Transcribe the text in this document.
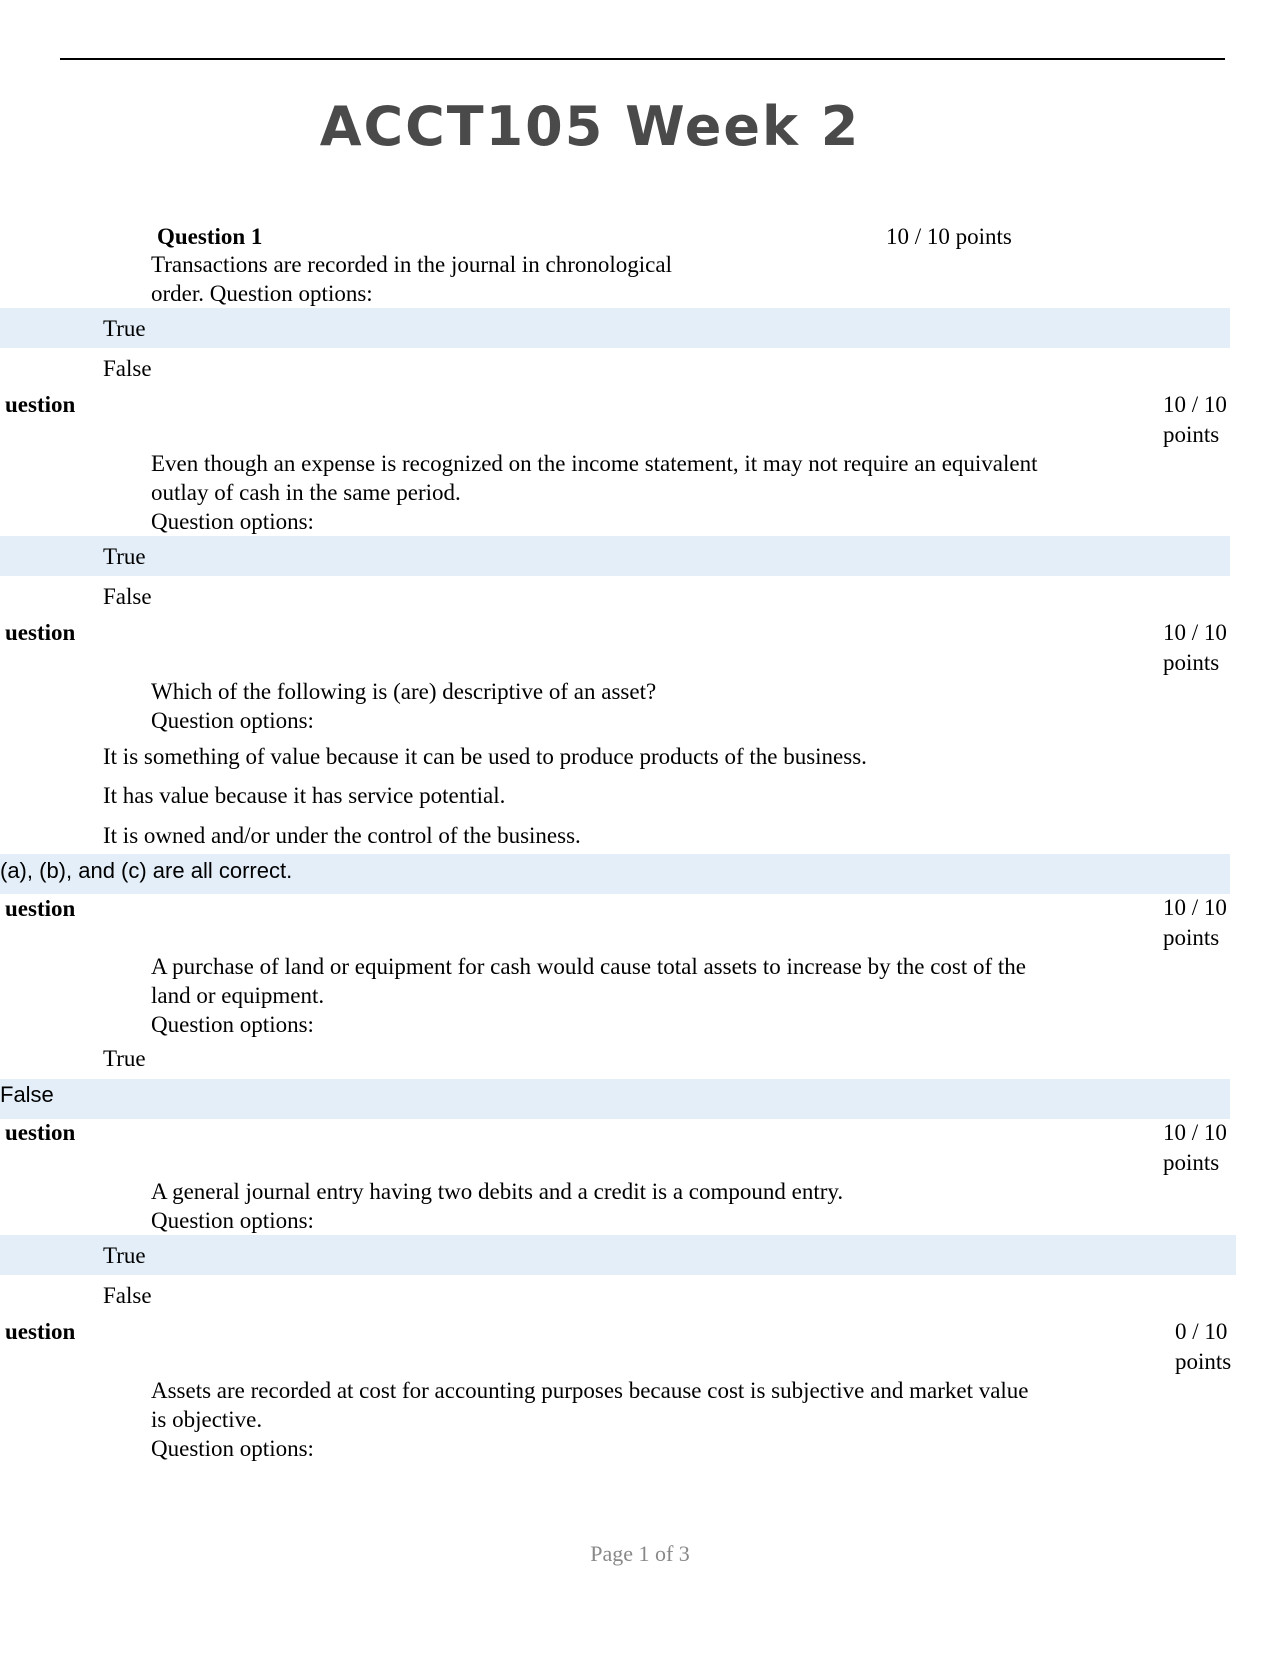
ACCT105 Week 2
Question 1	10 / 10 points
Transactions are recorded in the journal in chronological
order. Question options:
True
False
uestion	10 / 10
points
Even though an expense is recognized on the income statement, it may not require an equivalent
outlay of cash in the same period.
Question options:
True
False
uestion	10 / 10
points
Which of the following is (are) descriptive of an asset?
Question options:
It is something of value because it can be used to produce products of the business.
It has value because it has service potential.
It is owned and/or under the control of the business.
(a), (b), and (c) are all correct.
uestion	10 / 10
points
A purchase of land or equipment for cash would cause total assets to increase by the cost of the
land or equipment.
Question options:
True
False
uestion	10 / 10
points
A general journal entry having two debits and a credit is a compound entry.
Question options:
True
False
uestion	0 / 10
points
Assets are recorded at cost for accounting purposes because cost is subjective and market value
is objective.
Question options:
Page 1 of 3
